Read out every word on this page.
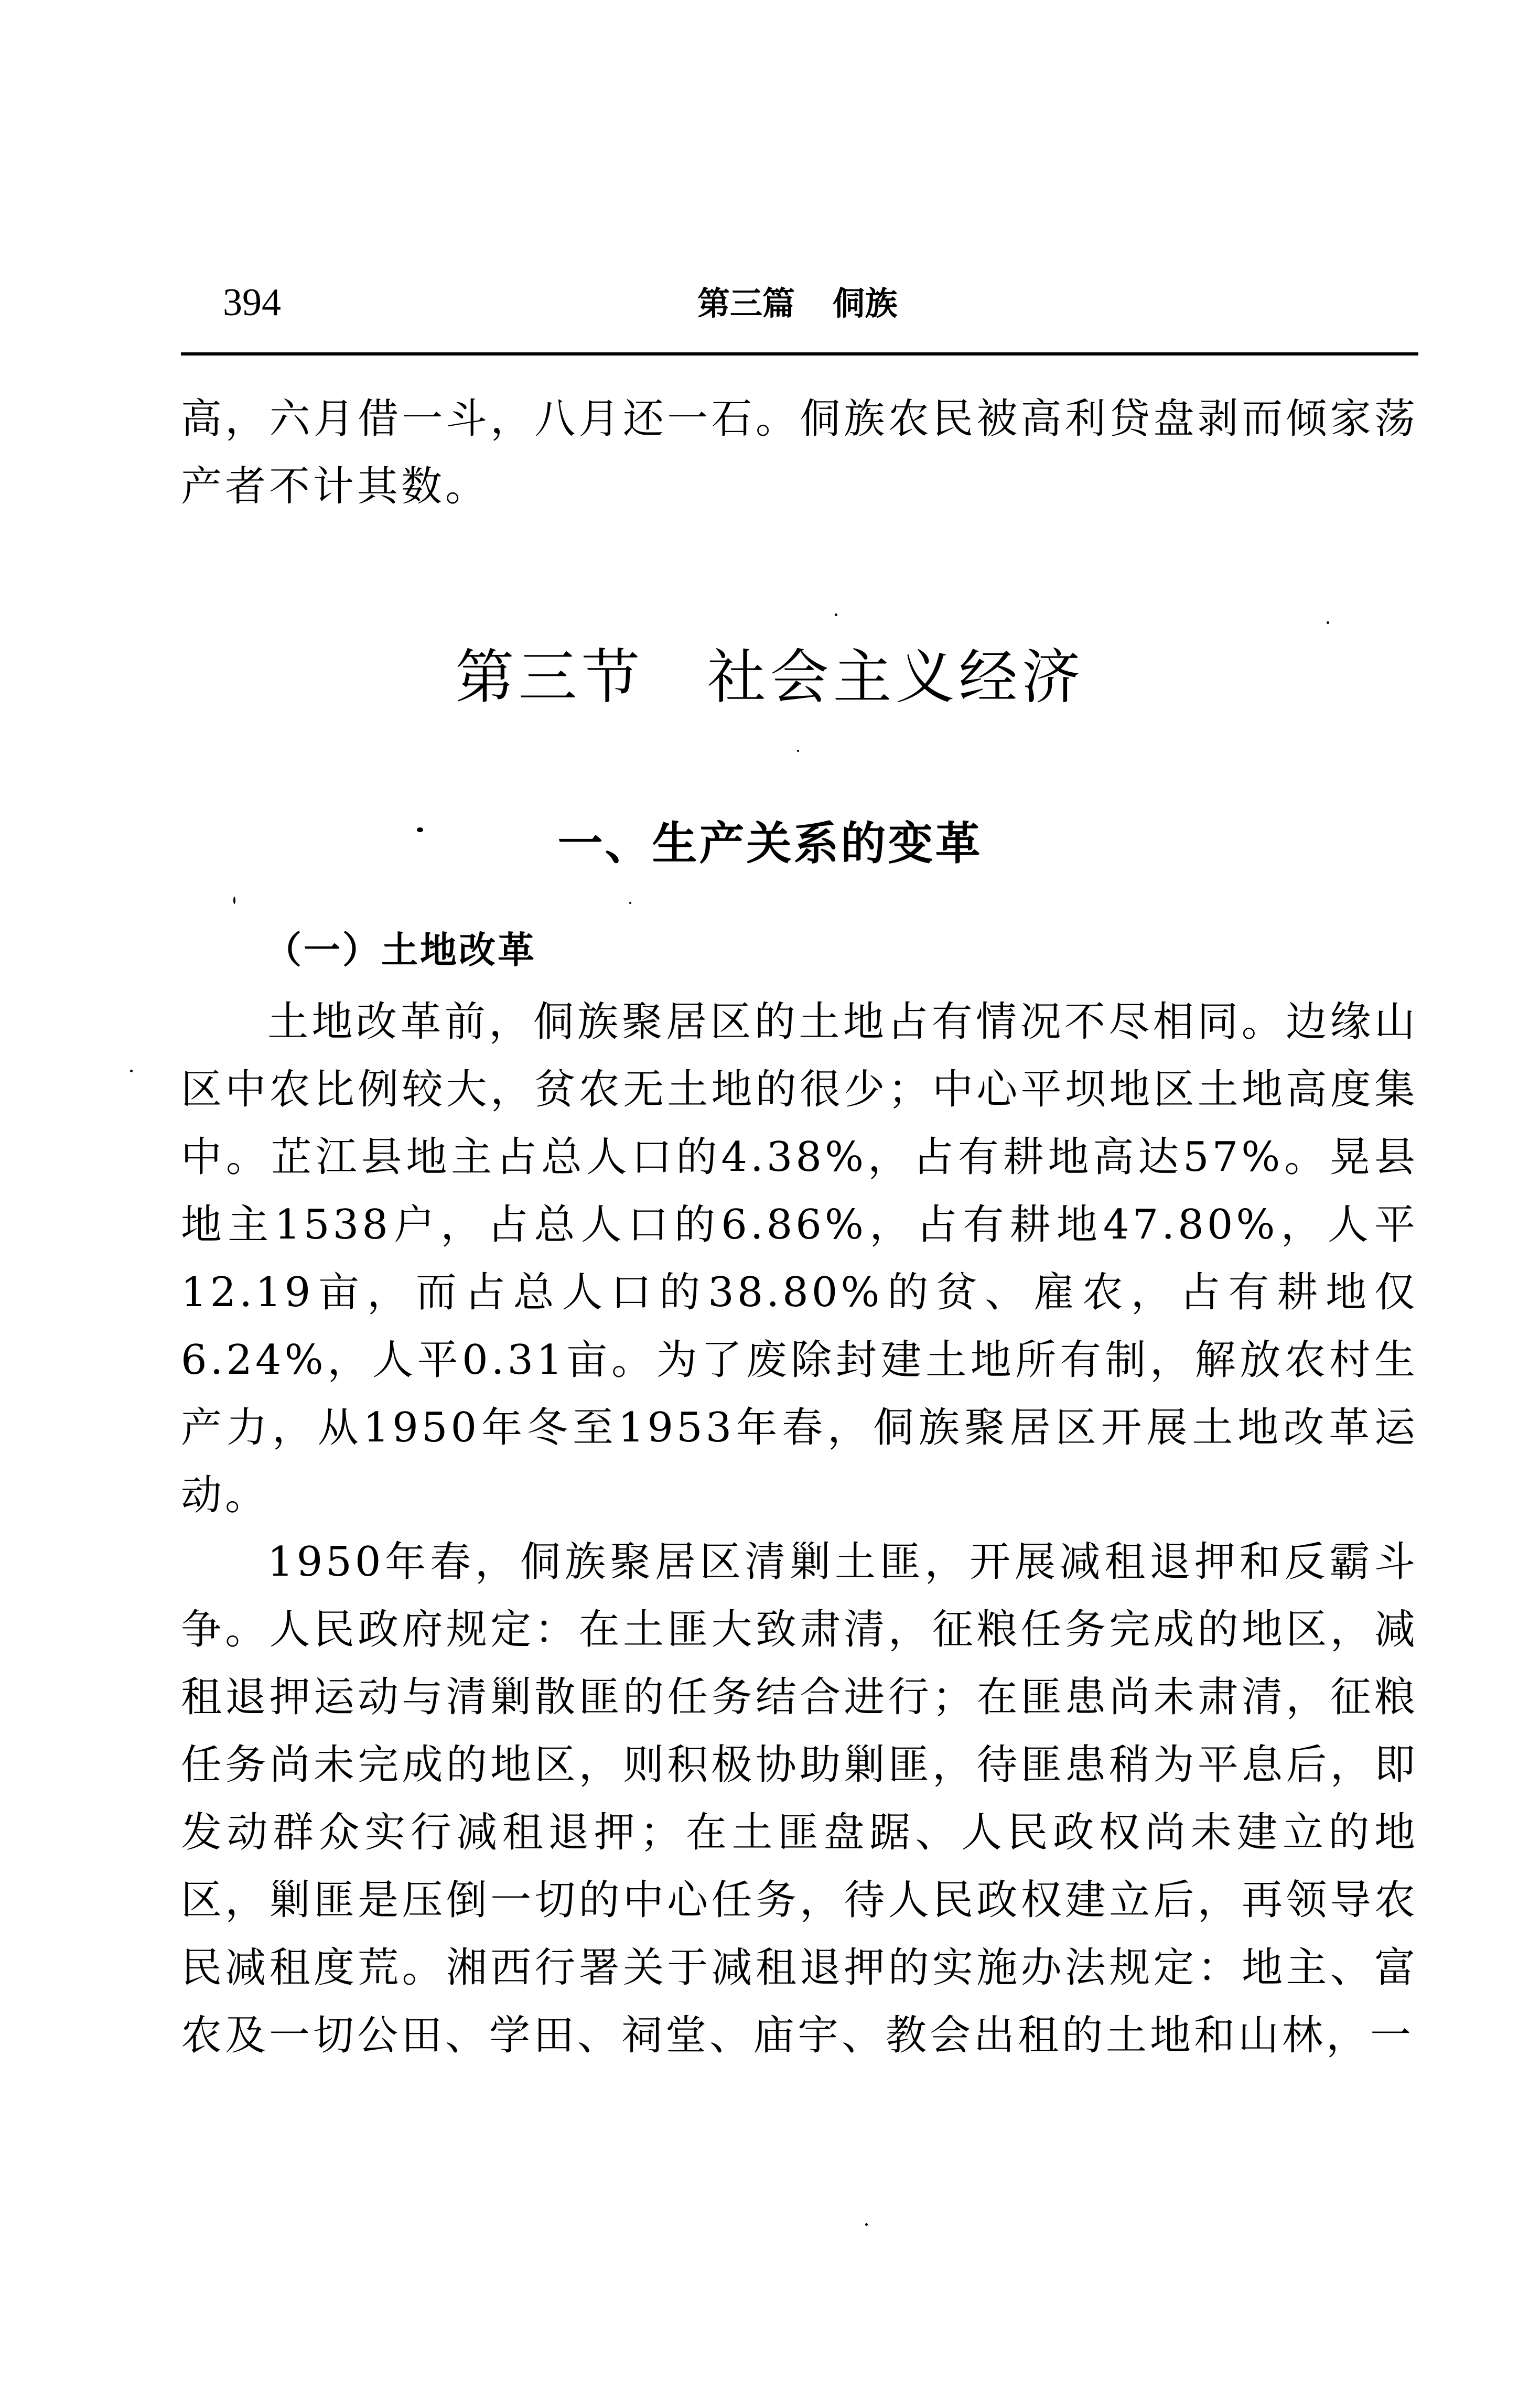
394	第三篇 侗族

高，六月借一斗，八月还一石。侗族农民被高利贷盘剥而倾家荡产者不计其数。

第三节　社会主义经济
一、生产关系的变革
（一）土地改革

土地改革前，侗族聚居区的土地占有情况不尽相同。边缘山区中农比例较大，贫农无土地的很少；中心平坝地区土地高度集中。芷江县地主占总人口的4.38%，占有耕地高达57%。晃县地主1538户，占总人口的6.86%，占有耕地47.80%，人平12.19亩，而占总人口的38.80%的贫、雇农，占有耕地仅6.24%，人平0.31亩。为了废除封建土地所有制，解放农村生产力，从1950年冬至1953年春，侗族聚居区开展土地改革运动。

1950年春，侗族聚居区清剿土匪，开展减租退押和反霸斗争。人民政府规定：在土匪大致肃清，征粮任务完成的地区，减租退押运动与清剿散匪的任务结合进行；在匪患尚未肃清，征粮任务尚未完成的地区，则积极协助剿匪，待匪患稍为平息后，即发动群众实行减租退押；在土匪盘踞、人民政权尚未建立的地区，剿匪是压倒一切的中心任务，待人民政权建立后，再领导农民减租度荒。湘西行署关于减租退押的实施办法规定：地主、富农及一切公田、学田、祠堂、庙宇、教会出租的土地和山林，一
